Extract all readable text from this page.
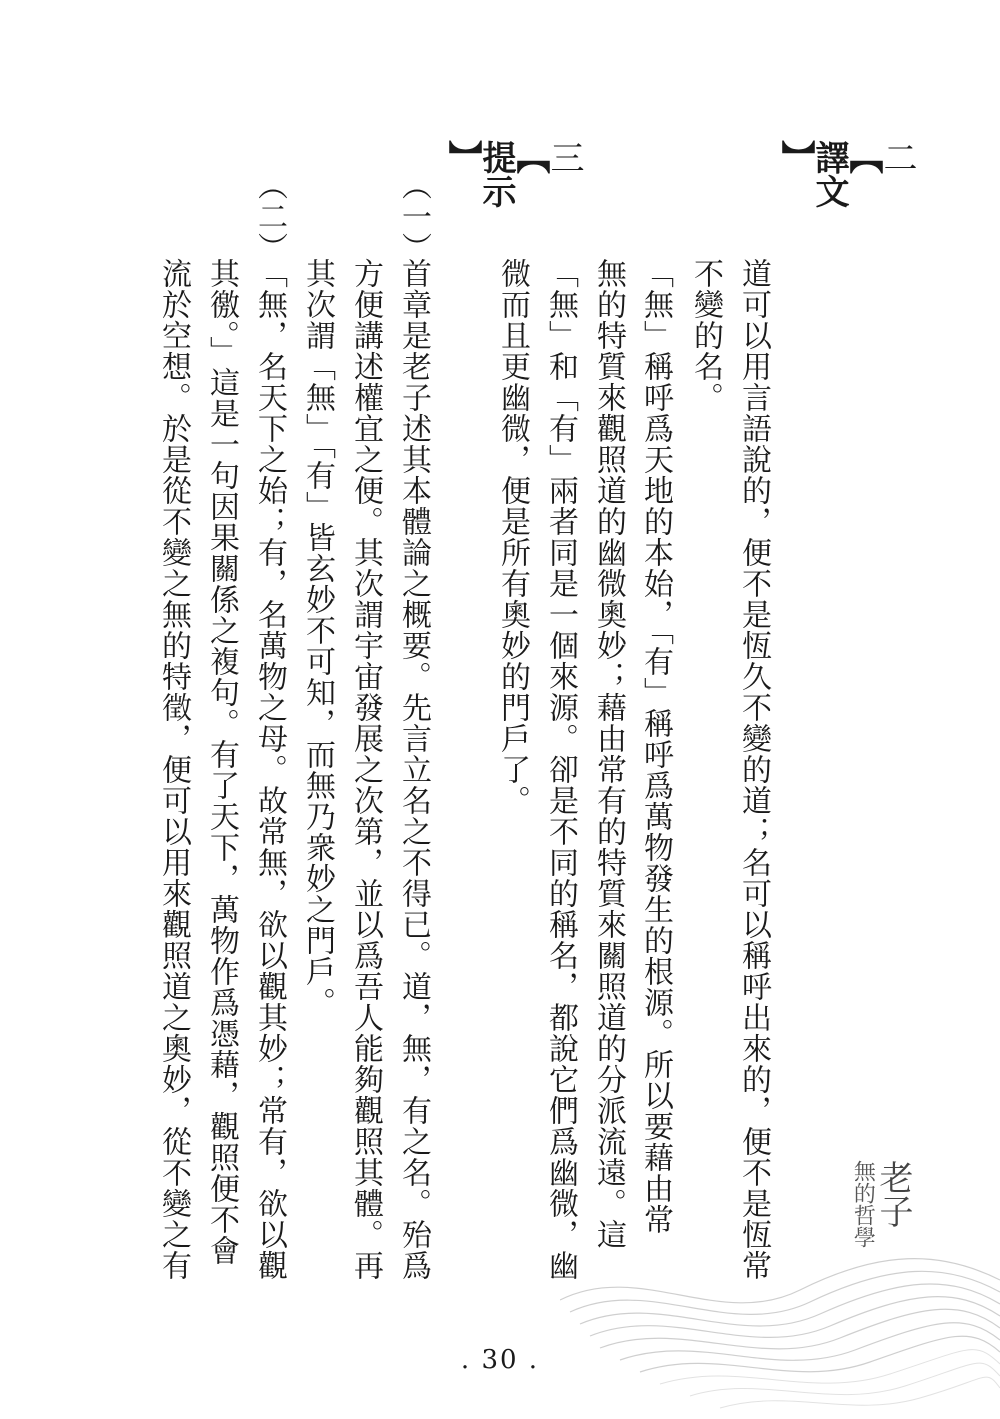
二
【
譯文
】
道可以用言語說的，便不是恆久不變的道；名可以稱呼出來的，便不是恆常
不變的名。
「無」稱呼爲天地的本始，「有」稱呼爲萬物發生的根源。所以要藉由常
無的特質來觀照道的幽微奧妙；藉由常有的特質來關照道的分派流遠。這
「無」和「有」兩者同是一個來源。卻是不同的稱名，都說它們爲幽微，幽
微而且更幽微，便是所有奧妙的門戶了。
三
【
提示
】
（一）
首章是老子述其本體論之概要。先言立名之不得已。道，無，有之名。殆爲
方便講述權宜之便。其次謂宇宙發展之次第，並以爲吾人能夠觀照其體。再
其次謂「無」「有」皆玄妙不可知，而無乃衆妙之門戶。
（二）
「無，名天下之始；有，名萬物之母。故常無，欲以觀其妙；常有，欲以觀
其徼。」這是一句因果關係之複句。有了天下，萬物作爲憑藉，觀照便不會
流於空想。於是從不變之無的特徵，便可以用來觀照道之奧妙，從不變之有	老子 無的哲學
. 30 .
